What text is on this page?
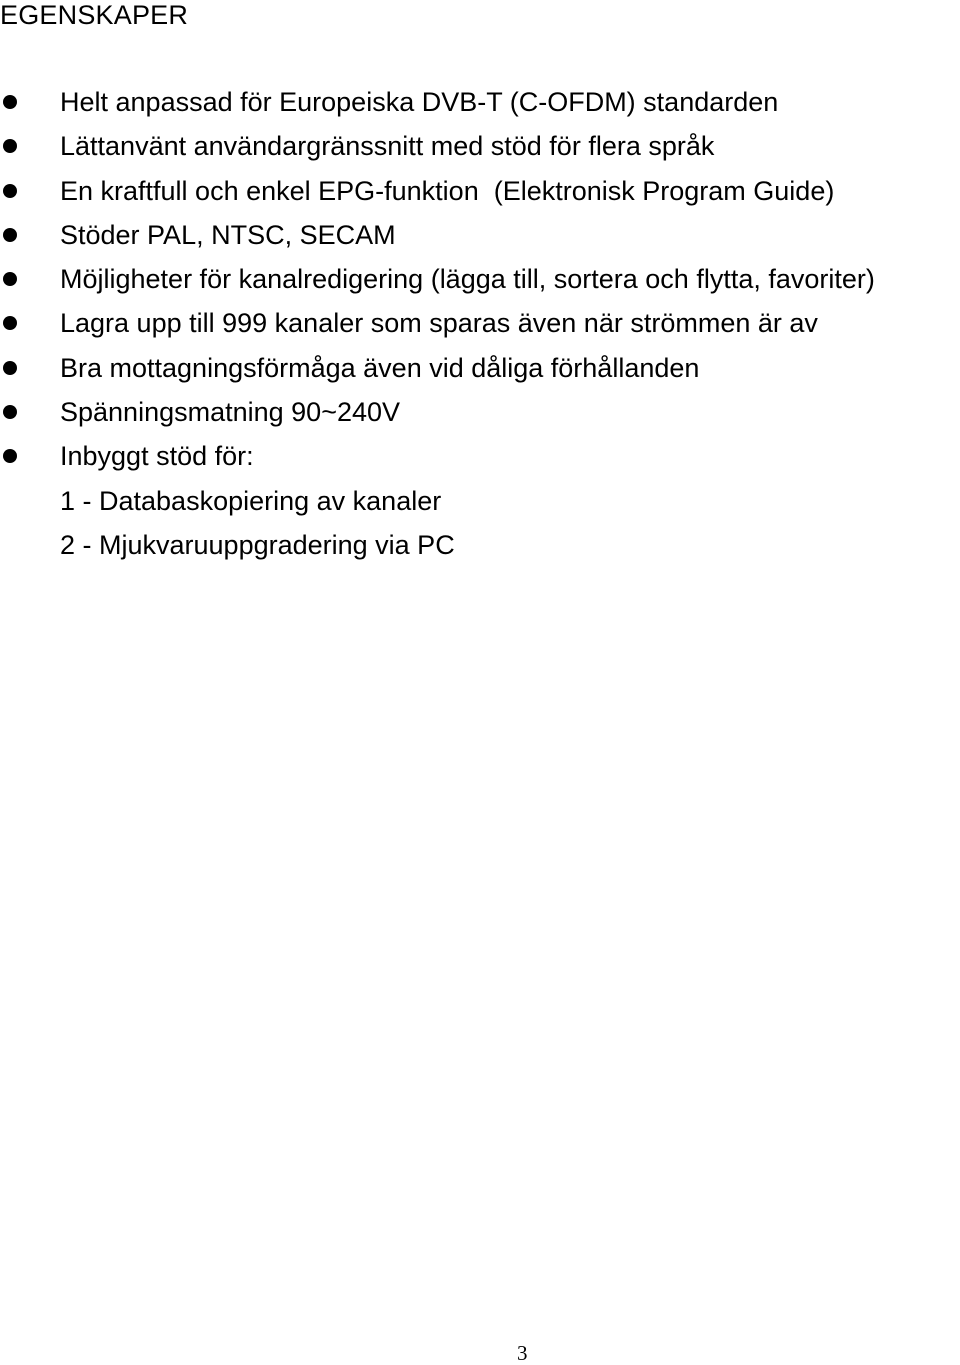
EGENSKAPER
Helt anpassad för Europeiska DVB-T (C-OFDM) standarden
Lättanvänt användargränssnitt med stöd för flera språk
En kraftfull och enkel EPG-funktion  (Elektronisk Program Guide)
Stöder PAL, NTSC, SECAM
Möjligheter för kanalredigering (lägga till, sortera och flytta, favoriter)
Lagra upp till 999 kanaler som sparas även när strömmen är av
Bra mottagningsförmåga även vid dåliga förhållanden
Spänningsmatning 90~240V
Inbyggt stöd för:
1 - Databaskopiering av kanaler
2 - Mjukvaruuppgradering via PC
3
